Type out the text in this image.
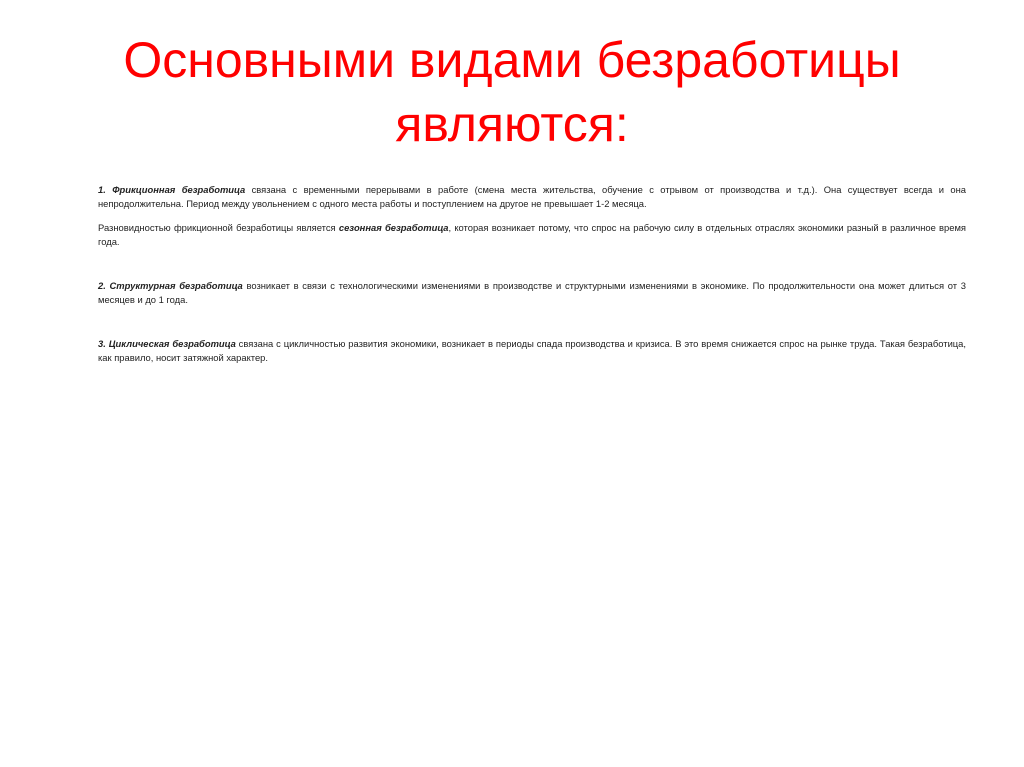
Основными видами безработицы
являются:

1. Фрикционная безработица связана с временными перерывами в работе (смена места жительства, обучение с отрывом от производства и т.д.). Она существует всегда и она непродолжительна. Период между увольнением с одного места работы и поступлением на другое не превышает 1-2 месяца.

Разновидностью фрикционной безработицы является сезонная безработица, которая возникает потому, что спрос на рабочую силу в отдельных отраслях экономики разный в различное время года.

2. Структурная безработица возникает в связи с технологическими изменениями в производстве и структурными изменениями в экономике. По продолжительности она может длиться от 3 месяцев и до 1 года.

3. Циклическая безработица связана с цикличностью развития экономики, возникает в периоды спада производства и кризиса. В это время снижается спрос на рынке труда. Такая безработица, как правило, носит затяжной характер.
